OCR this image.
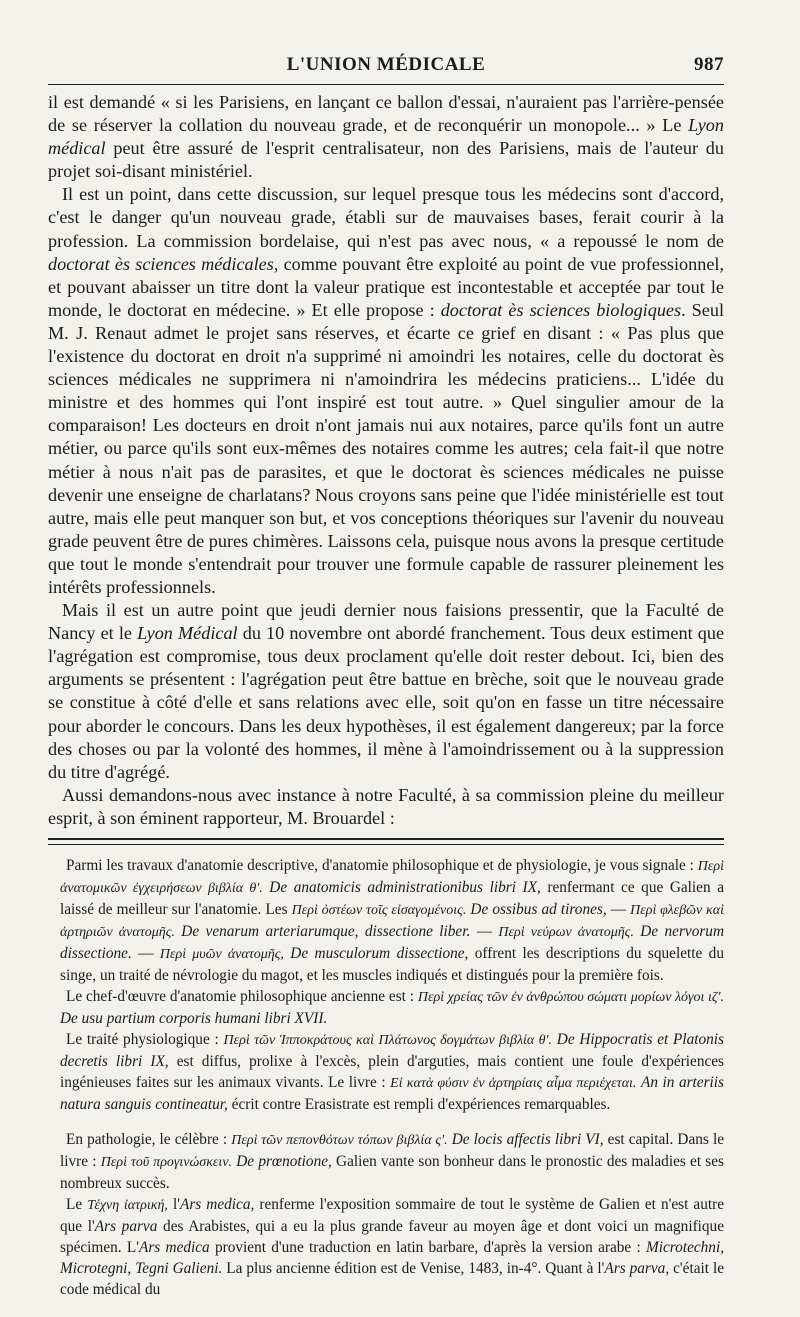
L'UNION MÉDICALE	987

il est demandé « si les Parisiens, en lançant ce ballon d'essai, n'auraient pas l'arrière-pensée de se réserver la collation du nouveau grade, et de reconquérir un monopole... » Le Lyon médical peut être assuré de l'esprit centralisateur, non des Parisiens, mais de l'auteur du projet soi-disant ministériel.

Il est un point, dans cette discussion, sur lequel presque tous les médecins sont d'accord, c'est le danger qu'un nouveau grade, établi sur de mauvaises bases, ferait courir à la profession. La commission bordelaise, qui n'est pas avec nous, « a repoussé le nom de doctorat ès sciences médicales, comme pouvant être exploité au point de vue professionnel, et pouvant abaisser un titre dont la valeur pratique est incontestable et acceptée par tout le monde, le doctorat en médecine. » Et elle propose : doctorat ès sciences biologiques. Seul M. J. Renaut admet le projet sans réserves, et écarte ce grief en disant : « Pas plus que l'existence du doctorat en droit n'a supprimé ni amoindri les notaires, celle du doctorat ès sciences médicales ne supprimera ni n'amoindrira les médecins praticiens... L'idée du ministre et des hommes qui l'ont inspiré est tout autre. » Quel singulier amour de la comparaison! Les docteurs en droit n'ont jamais nui aux notaires, parce qu'ils font un autre métier, ou parce qu'ils sont eux-mêmes des notaires comme les autres; cela fait-il que notre métier à nous n'ait pas de parasites, et que le doctorat ès sciences médicales ne puisse devenir une enseigne de charlatans? Nous croyons sans peine que l'idée ministérielle est tout autre, mais elle peut manquer son but, et vos conceptions théoriques sur l'avenir du nouveau grade peuvent être de pures chimères. Laissons cela, puisque nous avons la presque certitude que tout le monde s'entendrait pour trouver une formule capable de rassurer pleinement les intérêts professionnels.

Mais il est un autre point que jeudi dernier nous faisions pressentir, que la Faculté de Nancy et le Lyon Médical du 10 novembre ont abordé franchement. Tous deux estiment que l'agrégation est compromise, tous deux proclament qu'elle doit rester debout. Ici, bien des arguments se présentent : l'agrégation peut être battue en brèche, soit que le nouveau grade se constitue à côté d'elle et sans relations avec elle, soit qu'on en fasse un titre nécessaire pour aborder le concours. Dans les deux hypothèses, il est également dangereux; par la force des choses ou par la volonté des hommes, il mène à l'amoindrissement ou à la suppression du titre d'agrégé.

Aussi demandons-nous avec instance à notre Faculté, à sa commission pleine du meilleur esprit, à son éminent rapporteur, M. Brouardel :

Parmi les travaux d'anatomie descriptive, d'anatomie philosophique et de physiologie, je vous signale : Περὶ ἀνατομικῶν ἐγχειρήσεων βιβλία θ'. De anatomicis administrationibus libri IX, renfermant ce que Galien a laissé de meilleur sur l'anatomie. Les Περὶ ὀστέων τοῖς εἰσαγομένοις. De ossibus ad tirones, — Περὶ φλεβῶν καὶ ἀρτηριῶν ἀνατομῆς. De venarum arteriarumque, dissectione liber. — Περὶ νεύρων ἀνατομῆς. De nervorum dissectione. — Περὶ μυῶν ἀνατομῆς, De musculorum dissectione, offrent les descriptions du squelette du singe, un traité de névrologie du magot, et les muscles indiqués et distingués pour la première fois.

Le chef-d'œuvre d'anatomie philosophique ancienne est : Περὶ χρείας τῶν ἐν ἀνθρώπου σώματι μορίων λόγοι ιζ'. De usu partium corporis humani libri XVII.

Le traité physiologique : Περὶ τῶν Ἱπποκράτους καὶ Πλάτωνος δογμάτων βιβλία θ'. De Hippocratis et Platonis decretis libri IX, est diffus, prolixe à l'excès, plein d'arguties, mais contient une foule d'expériences ingénieuses faites sur les animaux vivants. Le livre : Εἰ κατὰ φύσιν ἐν ἀρτηρίαις αἷμα περιέχεται. An in arteriis natura sanguis contineatur, écrit contre Erasistrate est rempli d'expériences remarquables.

En pathologie, le célèbre : Περὶ τῶν πεπονθότων τόπων βιβλία ς'. De locis affectis libri VI, est capital. Dans le livre : Περὶ τοῦ προγινώσκειν. De prœnotione, Galien vante son bonheur dans le pronostic des maladies et ses nombreux succès.

Le Τέχνη ἰατρική, l'Ars medica, renferme l'exposition sommaire de tout le système de Galien et n'est autre que l'Ars parva des Arabistes, qui a eu la plus grande faveur au moyen âge et dont voici un magnifique spécimen. L'Ars medica provient d'une traduction en latin barbare, d'après la version arabe : Microtechni, Microtegni, Tegni Galieni. La plus ancienne édition est de Venise, 1483, in-4°. Quant à l'Ars parva, c'était le code médical du
